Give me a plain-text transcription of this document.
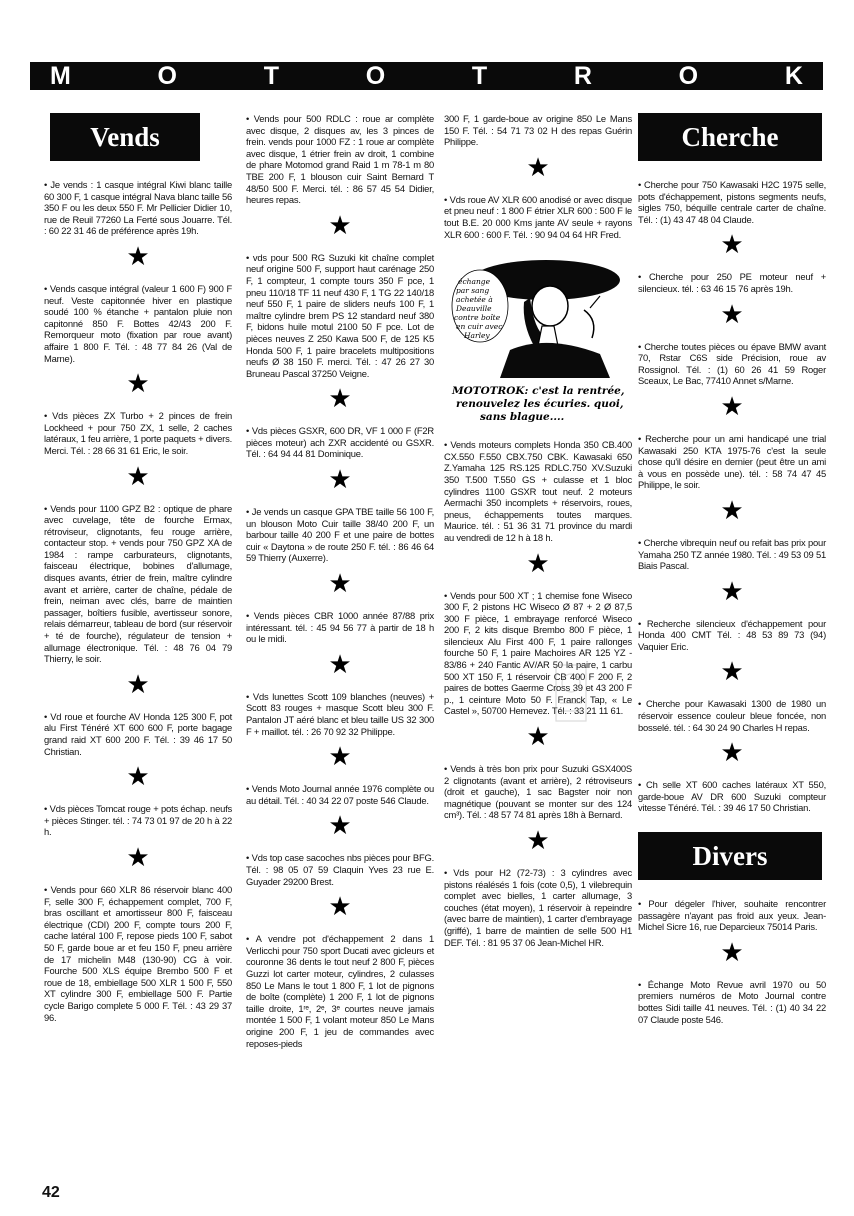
M	O	T	O	T	R	O	K
Vends

• Je vends : 1 casque intégral Kiwi blanc taille 60 300 F, 1 casque intégral Nava blanc taille 56 350 F ou les deux 550 F. Mr Pellicier Didier 10, rue de Reuil 77260 La Ferté sous Jouarre. Tél. : 60 22 31 46 de préférence après 19h.

★

• Vends casque intégral (valeur 1 600 F) 900 F neuf. Veste capitonnée hiver en plastique soudé 100 % étanche + pantalon pluie non capitonné 850 F. Bottes 42/43 200 F. Remorqueur moto (fixation par roue avant) affaire 1 800 F. Tél. : 48 77 84 26 (Val de Marne).

★

• Vds pièces ZX Turbo + 2 pinces de frein Lockheed + pour 750 ZX, 1 selle, 2 caches latéraux, 1 feu arrière, 1 porte paquets + divers. Merci. Tél. : 28 66 31 61 Eric, le soir.

★

• Vends pour 1100 GPZ B2 : optique de phare avec cuvelage, tête de fourche Ermax, rétroviseur, clignotants, feu rouge arrière, contacteur stop. + vends pour 750 GPZ XA de 1984 : rampe carburateurs, clignotants, faisceau électrique, bobines d'allumage, disques avants, étrier de frein, maître cylindre avant et arrière, carter de chaîne, pédale de frein, neiman avec clés, barre de maintien passager, boîtiers fusible, avertisseur sonore, relais démarreur, tableau de bord (sur réservoir + té de fourche), régulateur de tension + allumage électronique. Tél. : 48 76 04 79 Thierry, le soir.

★

• Vd roue et fourche AV Honda 125 300 F, pot alu First Ténéré XT 600 600 F, porte bagage grand raid XT 600 200 F. Tél. : 39 46 17 50 Christian.

★

• Vds pièces Tomcat rouge + pots échap. neufs + pièces Stinger. tél. : 74 73 01 97 de 20 h à 22 h.

★

• Vends pour 660 XLR 86 réservoir blanc 400 F, selle 300 F, échappement complet, 700 F, bras oscillant et amortisseur 800 F, faisceau électrique (CDI) 200 F, compte tours 200 F, cache latéral 100 F, repose pieds 100 F, sabot 50 F, garde boue ar et feu 150 F, pneu arrière de 17 michelin M48 (130-90) CG à voir. Fourche 500 XLS équipe Brembo 500 F et roue de 18, embiellage 500 XLR 1 500 F, 550 XT cylindre 300 F, embiellage 500 F. Partie cycle Barigo complete 5 000 F. Tél. : 43 29 37 96.

• Vends pour 500 RDLC : roue ar complète avec disque, 2 disques av, les 3 pinces de frein. vends pour 1000 FZ : 1 roue ar complète avec disque, 1 étrier frein av droit, 1 combine de phare Motomod grand Raid 1 m 78-1 m 80 TBE 200 F, 1 blouson cuir Saint Bernard T 48/50 500 F. Merci. tél. : 86 57 45 54 Didier, heures repas.

★

• vds pour 500 RG Suzuki kit chaîne complet neuf origine 500 F, support haut carénage 250 F, 1 compteur, 1 compte tours 350 F pce, 1 pneu 110/18 TF 11 neuf 430 F, 1 TG 22 140/18 neuf 550 F, 1 paire de sliders neufs 100 F, 1 maître cylindre brem PS 12 standard neuf 380 F, bidons huile motul 2100 50 F pce. Lot de pièces neuves Z 250 Kawa 500 F, de 125 K5 Honda 500 F, 1 paire bracelets multipositions neufs Ø 38 150 F. merci. Tél. : 47 26 27 30 Bruneau Pascal 37250 Veigne.

★

• Vds pièces GSXR, 600 DR, VF 1 000 F (F2R pièces moteur) ach ZXR accidenté ou GSXR. Tél. : 64 94 44 81 Dominique.

★

• Je vends un casque GPA TBE taille 56 100 F, un blouson Moto Cuir taille 38/40 200 F, un barbour taille 40 200 F et une paire de bottes cuir « Daytona » de route 250 F. tél. : 86 46 64 59 Thierry (Auxerre).

★

• Vends pièces CBR 1000 année 87/88 prix intéressant. tél. : 45 94 56 77 à partir de 18 h ou le midi.

★

• Vds lunettes Scott 109 blanches (neuves) + Scott 83 rouges + masque Scott bleu 300 F. Pantalon JT aéré blanc et bleu taille US 32 300 F + maillot. tél. : 26 70 92 32 Philippe.

★

• Vends Moto Journal année 1976 complète ou au détail. Tél. : 40 34 22 07 poste 546 Claude.

★

• Vds top case sacoches nbs pièces pour BFG. Tél. : 98 05 07 59 Claquin Yves 23 rue E. Guyader 29200 Brest.

★

• A vendre pot d'échappement 2 dans 1 Verlicchi pour 750 sport Ducati avec giclеurs et couronne 36 dents le tout neuf 2 800 F, pièces Guzzi lot carter moteur, cylindres, 2 culasses 850 Le Mans le tout 1 800 F, 1 lot de pignons de boîte (complète) 1 200 F, 1 lot de pignons taille droite, 1ʳᵉ, 2ᵉ, 3ᵉ courtes neuve jamais montée 1 500 F, 1 volant moteur 850 Le Mans origine 200 F, 1 jeu de commandes avec reposes-pieds

300 F, 1 garde-boue av origine 850 Le Mans 150 F. Tél. : 54 71 73 02 H des repas Guérin Philippe.

★

• Vds roue AV XLR 600 anodisé or avec disque et pneu neuf : 1 800 F étrier XLR 600 : 500 F le tout B.E. 20 000 Kms jante AV seule + rayons XLR 600 : 600 F. Tél. : 90 94 04 64 HR Fred.

échange par sang achetée à Deauville contre boîte en cuir avec Harley
MOTOTROK: c'est la rentrée, renouvelez les écuries. quoi, sans blague....

• Vends moteurs complets Honda 350 CB.400 CX.550 F.550 CBX.750 CBK. Kawasaki 650 Z.Yamaha 125 RS.125 RDLC.750 XV.Suzuki 350 T.500 T.550 GS + culasse et 1 bloc cylindres 1100 GSXR tout neuf. 2 moteurs Aermachi 350 incomplets + réservoirs, roues, pneus, échappements toutes marques. Maurice. tél. : 51 36 31 71 province du mardi au vendredi de 12 h à 18 h.

★

• Vends pour 500 XT ; 1 chemise fone Wiseco 300 F, 2 pistons HC Wiseco Ø 87 + 2 Ø 87,5 300 F pièce, 1 embrayage renforcé Wiseco 200 F, 2 kits disque Brembo 800 F pièce, 1 silencieux Alu First 400 F, 1 paire rallonges fourche 50 F, 1 paire Machoires AR 125 YZ - 83/86 + 240 Fantic AV/AR 50 la paire, 1 carbu 500 XT 150 F, 1 réservoir CB 400 F 200 F, 2 paires de bottes Gaerme Cross 39 et 43 200 F p., 1 ceinture Moto 50 F. Franck Tap, « Le Castel », 50700 Hemevez. Tél. : 33 21 11 61.

★

• Vends à très bon prix pour Suzuki GSX400S 2 clignotants (avant et arrière), 2 rétroviseurs (droit et gauche), 1 sac Bagster noir non magnétique (pouvant se monter sur des 124 cm³). Tél. : 48 57 74 81 après 18h à Bernard.

★

• Vds pour H2 (72-73) : 3 cylindres avec pistons réalésés 1 fois (cote 0,5), 1 vilebrequin complet avec bielles, 1 carter allumage, 3 couches (état moyen), 1 réservoir à repeindre (avec barre de maintien), 1 carter d'embrayage (griffé), 1 barre de maintien de selle 500 H1 DEF. Tél. : 81 95 37 06 Jean-Michel HR.

Cherche

• Cherche pour 750 Kawasaki H2C 1975 selle, pots d'échappement, pistons segments neufs, sigles 750, béquille centrale carter de chaîne. Tél. : (1) 43 47 48 04 Claude.

★

• Cherche pour 250 PE moteur neuf + silencieux. tél. : 63 46 15 76 après 19h.

★

• Cherche toutes pièces ou épave BMW avant 70, Rstar C6S side Précision, roue av Rossignol. Tél. : (1) 60 26 41 59 Roger Sceaux, Le Bac, 77410 Annet s/Marne.

★

• Recherche pour un ami handicapé une trial Kawasaki 250 KTA 1975-76 c'est la seule chose qu'il désire en dernier (peut être un ami à vous en possède une). tél. : 58 74 47 45 Philippe, le soir.

★

• Cherche vibrequin neuf ou refait bas prix pour Yamaha 250 TZ année 1980. Tél. : 49 53 09 51 Biais Pascal.

★

• Recherche silencieux d'échappement pour Honda 400 CMT Tél. : 48 53 89 73 (94) Vaquier Eric.

★

• Cherche pour Kawasaki 1300 de 1980 un réservoir essence couleur bleue foncée, non bosselé. tél. : 64 30 24 90 Charles H repas.

★

• Ch selle XT 600 caches latéraux XT 550, garde-boue AV DR 600 Suzuki compteur vitesse Ténéré. Tél. : 39 46 17 50 Christian.

Divers

• Pour dégeler l'hiver, souhaite rencontrer passagère n'ayant pas froid aux yeux. Jean-Michel Sicre 16, rue Deparcieux 75014 Paris.

★

• Échange Moto Revue avril 1970 ou 50 premiers numéros de Moto Journal contre bottes Sidi taille 41 neuves. Tél. : (1) 40 34 22 07 Claude poste 546.

42
